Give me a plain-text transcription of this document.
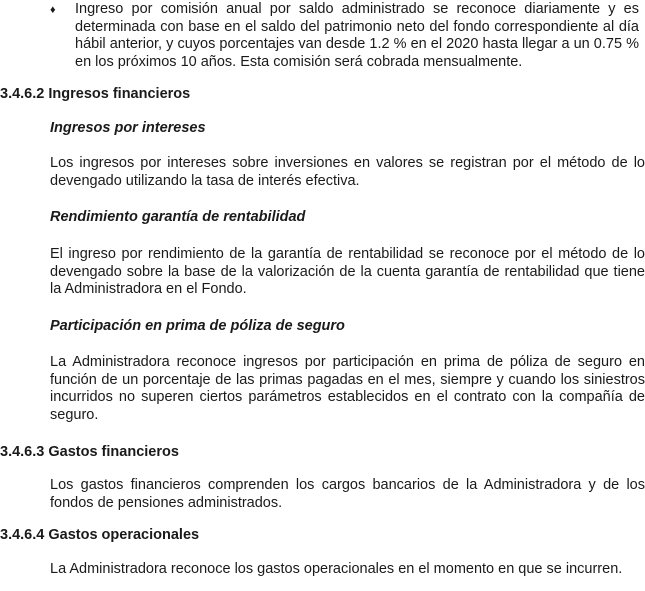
♦ Ingreso por comisión anual por saldo administrado se reconoce diariamente y es determinada con base en el saldo del patrimonio neto del fondo correspondiente al día hábil anterior, y cuyos porcentajes van desde 1.2 % en el 2020 hasta llegar a un 0.75 % en los próximos 10 años. Esta comisión será cobrada mensualmente.
3.4.6.2 Ingresos financieros
Ingresos por intereses
Los ingresos por intereses sobre inversiones en valores se registran por el método de lo devengado utilizando la tasa de interés efectiva.
Rendimiento garantía de rentabilidad
El ingreso por rendimiento de la garantía de rentabilidad se reconoce por el método de lo devengado sobre la base de la valorización de la cuenta garantía de rentabilidad que tiene la Administradora en el Fondo.
Participación en prima de póliza de seguro
La Administradora reconoce ingresos por participación en prima de póliza de seguro en función de un porcentaje de las primas pagadas en el mes, siempre y cuando los siniestros incurridos no superen ciertos parámetros establecidos en el contrato con la compañía de seguro.
3.4.6.3 Gastos financieros
Los gastos financieros comprenden los cargos bancarios de la Administradora y de los fondos de pensiones administrados.
3.4.6.4 Gastos operacionales
La Administradora reconoce los gastos operacionales en el momento en que se incurren.
